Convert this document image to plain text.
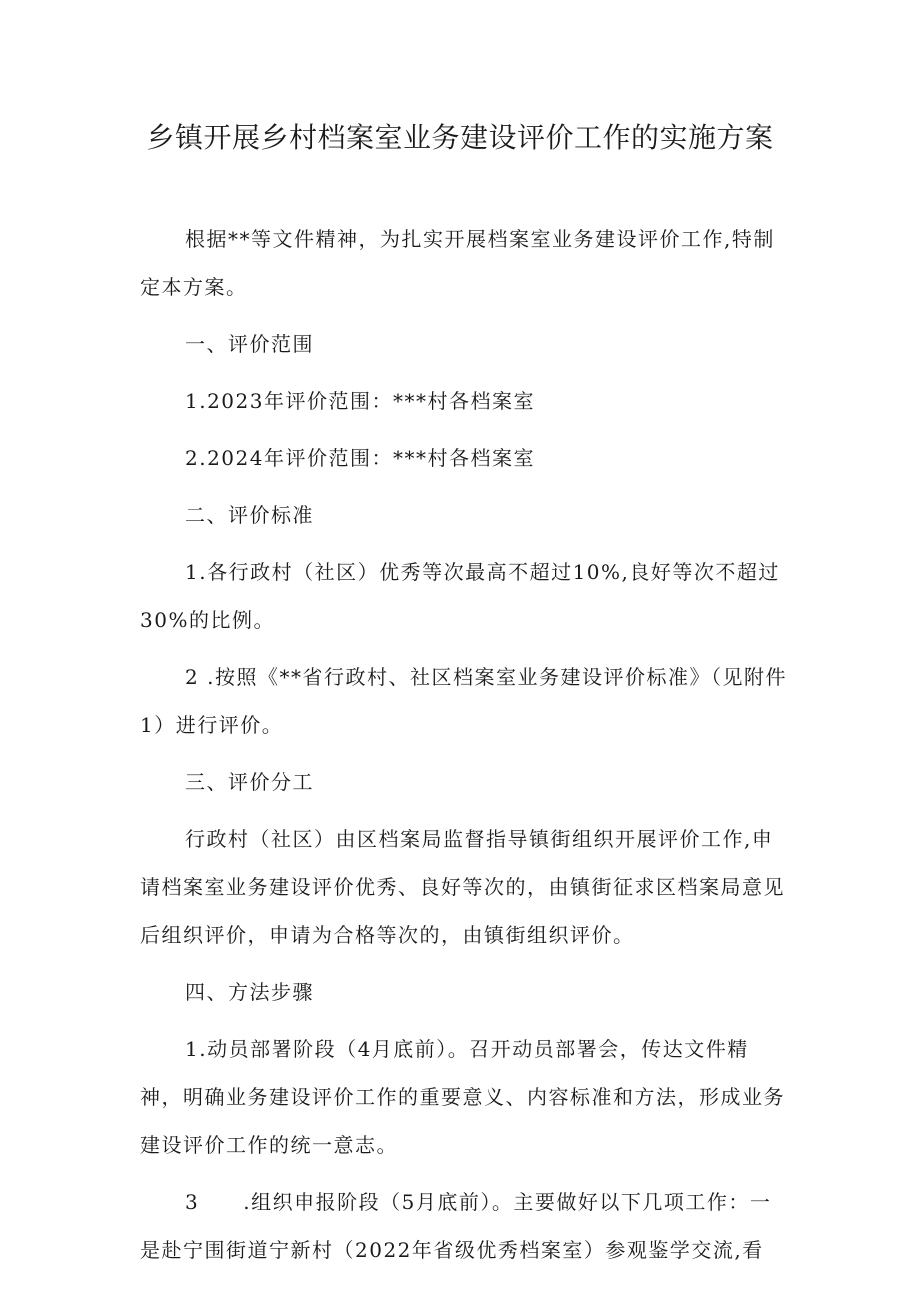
乡镇开展乡村档案室业务建设评价工作的实施方案

根据**等文件精神，为扎实开展档案室业务建设评价工作,特制定本方案。

一、评价范围

1.2023年评价范围：***村各档案室

2.2024年评价范围：***村各档案室

二、评价标准

1.各行政村（社区）优秀等次最高不超过10%,良好等次不超过30%的比例。

2 .按照《**省行政村、社区档案室业务建设评价标准》（见附件1）进行评价。

三、评价分工

行政村（社区）由区档案局监督指导镇街组织开展评价工作,申请档案室业务建设评价优秀、良好等次的，由镇街征求区档案局意见后组织评价，申请为合格等次的，由镇街组织评价。

四、方法步骤

1.动员部署阶段（4月底前）。召开动员部署会，传达文件精神，明确业务建设评价工作的重要意义、内容标准和方法，形成业务建设评价工作的统一意志。

3 .组织申报阶段（5月底前）。主要做好以下几项工作：一是赴宁围街道宁新村（2022年省级优秀档案室）参观鉴学交流,看
